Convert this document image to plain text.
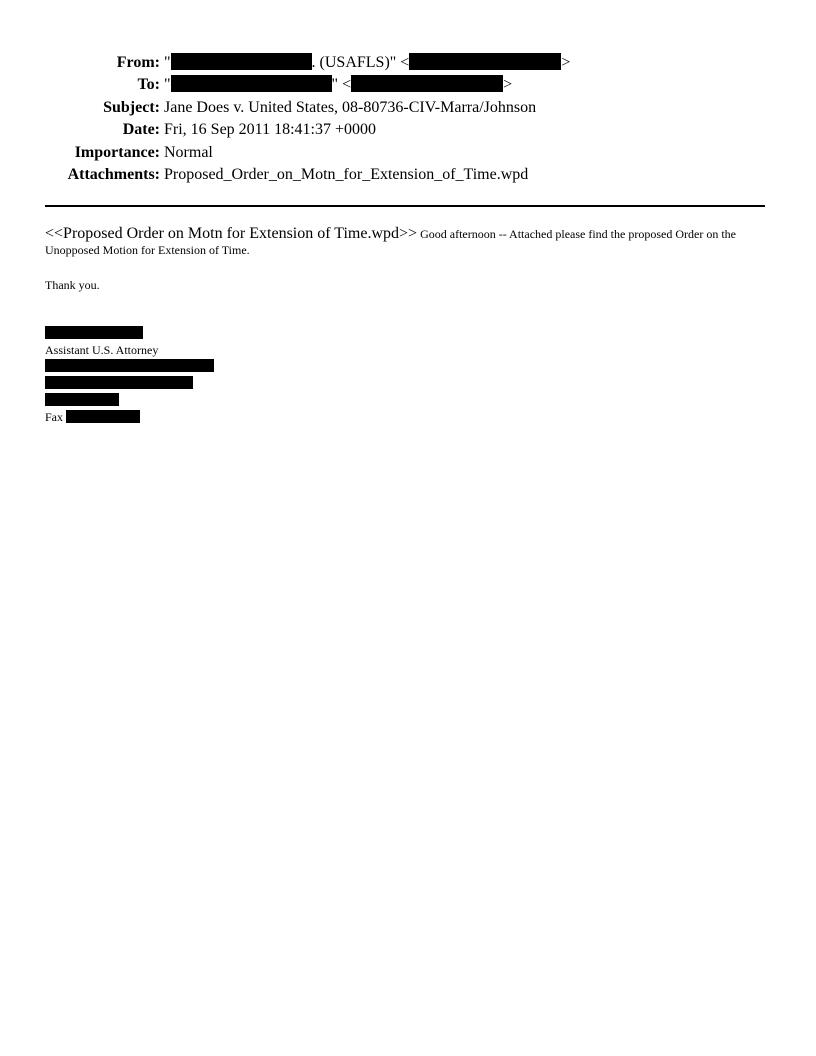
From: "	. (USAFLS)" <	>
To: "	" <	>
Subject: Jane Does v. United States, 08-80736-CIV-Marra/Johnson
Date: Fri, 16 Sep 2011 18:41:37 +0000
Importance: Normal
Attachments: Proposed_Order_on_Motn_for_Extension_of_Time.wpd

<<Proposed Order on Motn for Extension of Time.wpd>> Good afternoon -- Attached please find the proposed Order on the Unopposed Motion for Extension of Time.

Thank you.

Assistant U.S. Attorney
Fax
